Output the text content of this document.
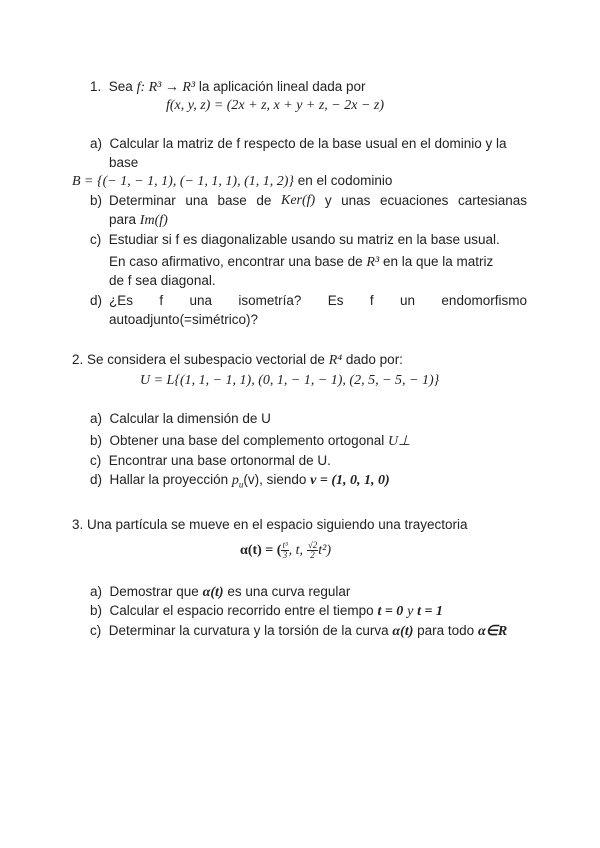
1. Sea f: R³ → R³ la aplicación lineal dada por
f(x, y, z) = (2x + z, x + y + z, − 2x − z)
a) Calcular la matriz de f respecto de la base usual en el dominio y la
base
B = {(− 1, − 1, 1), (− 1, 1, 1), (1, 1, 2)} en el codominio
b) Determinar una base de Ker(f) y unas ecuaciones cartesianas
para Im(f)
c) Estudiar si f es diagonalizable usando su matriz en la base usual.
En caso afirmativo, encontrar una base de R³ en la que la matriz
de f sea diagonal.
d) ¿Es f una isometría? Es f un endomorfismo
autoadjunto(=simétrico)?
2. Se considera el subespacio vectorial de R⁴ dado por:
U = L{(1, 1, − 1, 1), (0, 1, − 1, − 1), (2, 5, − 5, − 1)}
a) Calcular la dimensión de U
b) Obtener una base del complemento ortogonal U⊥
c) Encontrar una base ortonormal de U.
d) Hallar la proyección $p_u(v)$, siendo v = (1, 0, 1, 0)
3. Una partícula se mueve en el espacio siguiendo una trayectoria
α(t) = ( $\frac{\text{t³}}{3}$ , t, $\frac{√2}{2} t^2$)
a) Demostrar que α(t) es una curva regular
b) Calcular el espacio recorrido entre el tiempo t = 0 y t = 1
c) Determinar la curvatura y la torsión de la curva α(t) para todo α∈R
